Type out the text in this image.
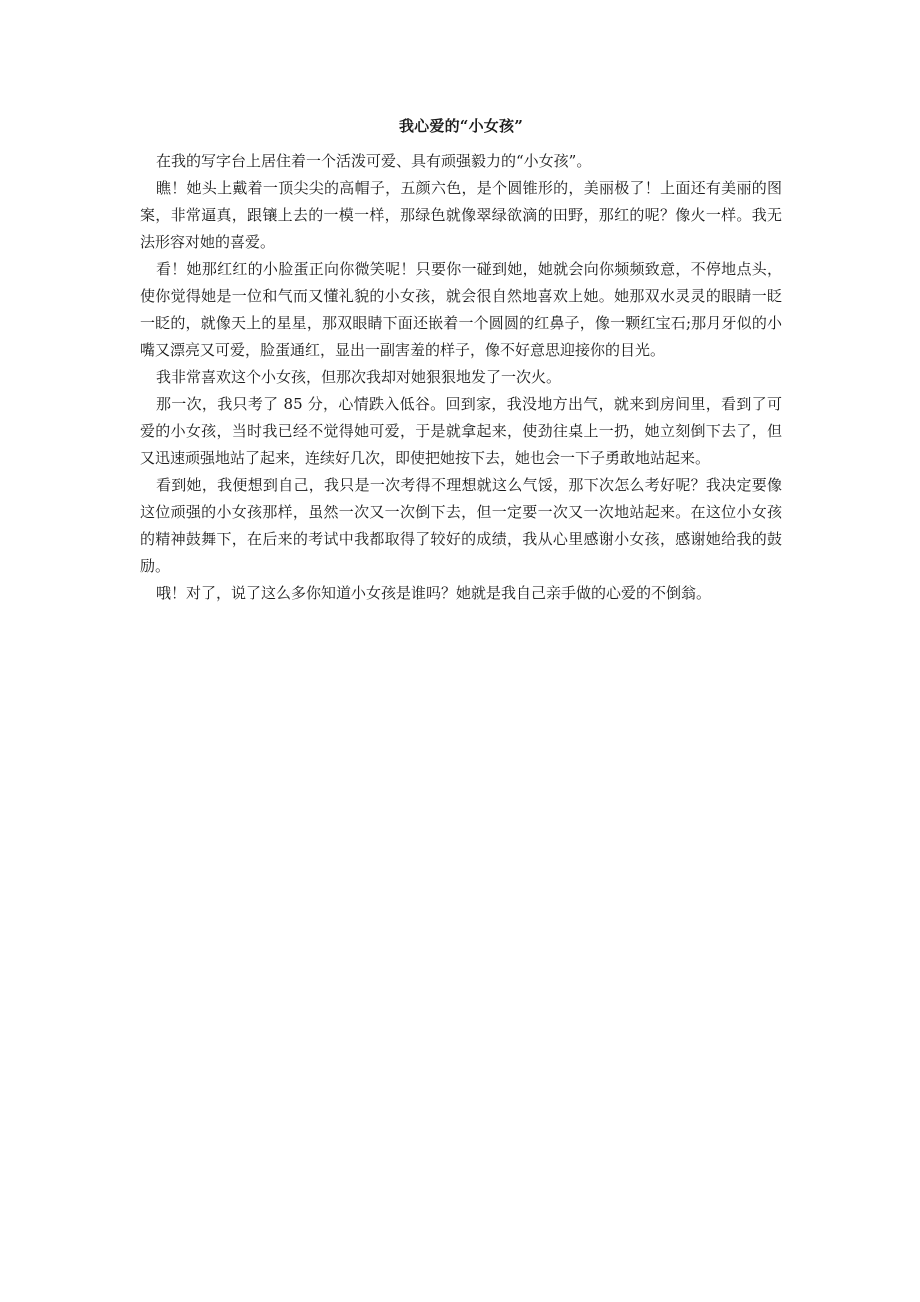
我心爱的“小女孩”

在我的写字台上居住着一个活泼可爱、具有顽强毅力的“小女孩”。

瞧！她头上戴着一顶尖尖的高帽子，五颜六色，是个圆锥形的，美丽极了！上面还有美丽的图案，非常逼真，跟镶上去的一模一样，那绿色就像翠绿欲滴的田野，那红的呢？像火一样。我无法形容对她的喜爱。

看！她那红红的小脸蛋正向你微笑呢！只要你一碰到她，她就会向你频频致意，不停地点头，使你觉得她是一位和气而又懂礼貌的小女孩，就会很自然地喜欢上她。她那双水灵灵的眼睛一眨一眨的，就像天上的星星，那双眼睛下面还嵌着一个圆圆的红鼻子，像一颗红宝石;那月牙似的小嘴又漂亮又可爱，脸蛋通红，显出一副害羞的样子，像不好意思迎接你的目光。

我非常喜欢这个小女孩，但那次我却对她狠狠地发了一次火。

那一次，我只考了 85 分，心情跌入低谷。回到家，我没地方出气，就来到房间里，看到了可爱的小女孩，当时我已经不觉得她可爱，于是就拿起来，使劲往桌上一扔，她立刻倒下去了，但又迅速顽强地站了起来，连续好几次，即使把她按下去，她也会一下子勇敢地站起来。

看到她，我便想到自己，我只是一次考得不理想就这么气馁，那下次怎么考好呢？我决定要像这位顽强的小女孩那样，虽然一次又一次倒下去，但一定要一次又一次地站起来。在这位小女孩的精神鼓舞下，在后来的考试中我都取得了较好的成绩，我从心里感谢小女孩，感谢她给我的鼓励。

哦！对了，说了这么多你知道小女孩是谁吗？她就是我自己亲手做的心爱的不倒翁。
